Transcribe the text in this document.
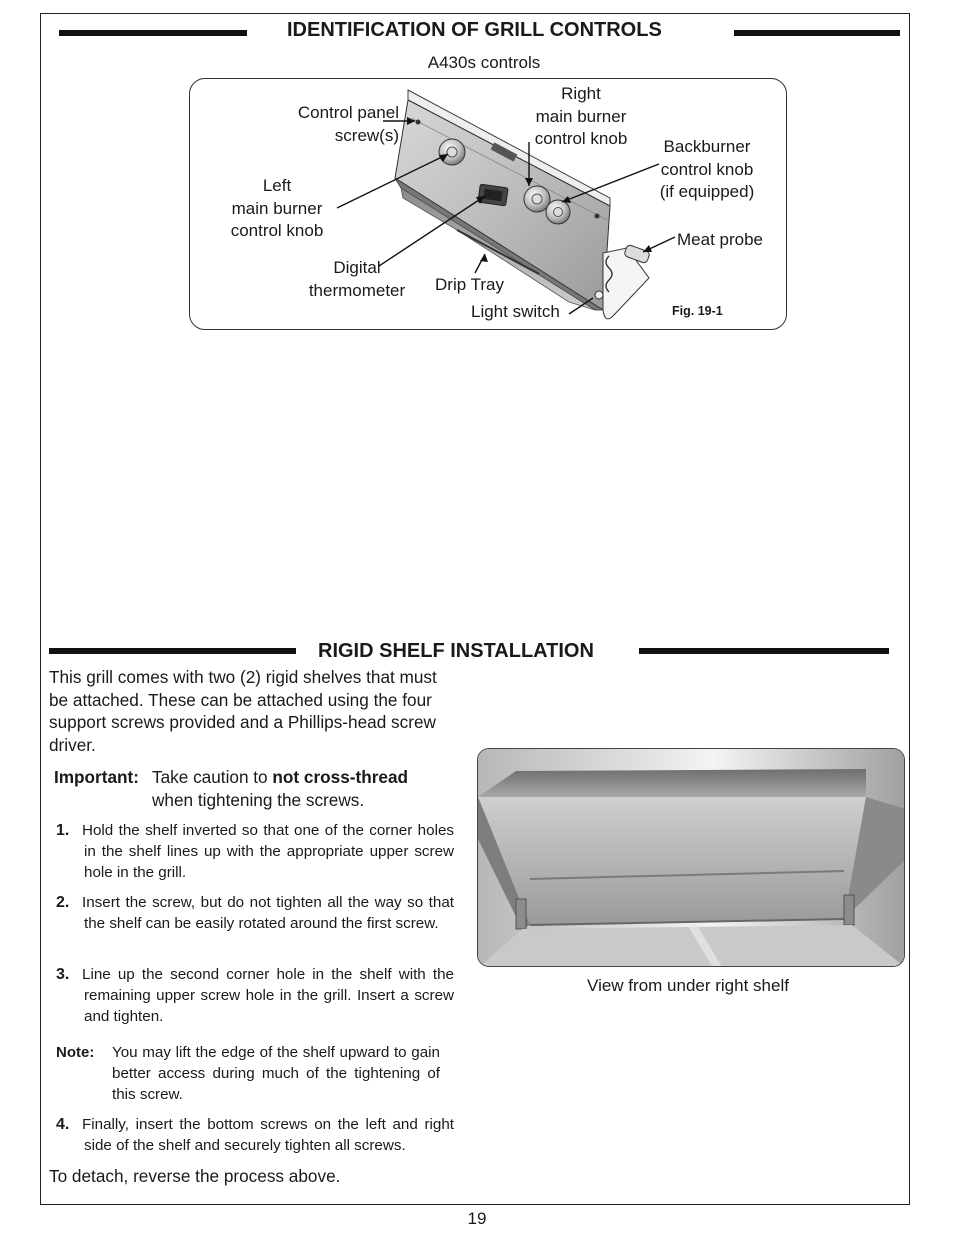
IDENTIFICATION OF GRILL CONTROLS
A430s controls
Control panel
screw(s)
Right
main burner
control knob	Backburner
control knob
(if equipped)
Left
main burner
control knob	Meat probe
Digital
thermometer	Drip Tray
Light switch	Fig. 19-1
RIGID SHELF INSTALLATION
This grill comes with two (2) rigid shelves that must be attached. These can be attached using the four support screws provided and a Phillips-head screw driver.
Important: Take caution to not cross-thread
when tightening the screws.
1. Hold the shelf inverted so that one of the corner holes in the shelf lines up with the appropriate upper screw hole in the grill.
2. Insert the screw, but do not tighten all the way so that the shelf can be easily rotated around the first screw.
3. Line up the second corner hole in the shelf with the remaining upper screw hole in the grill. Insert a screw and tighten.
Note:	You may lift the edge of the shelf upward to gain better access during much of the tightening of this screw.
4. Finally, insert the bottom screws on the left and right side of the shelf and securely tighten all screws.
To detach, reverse the process above.
View from under right shelf
19
